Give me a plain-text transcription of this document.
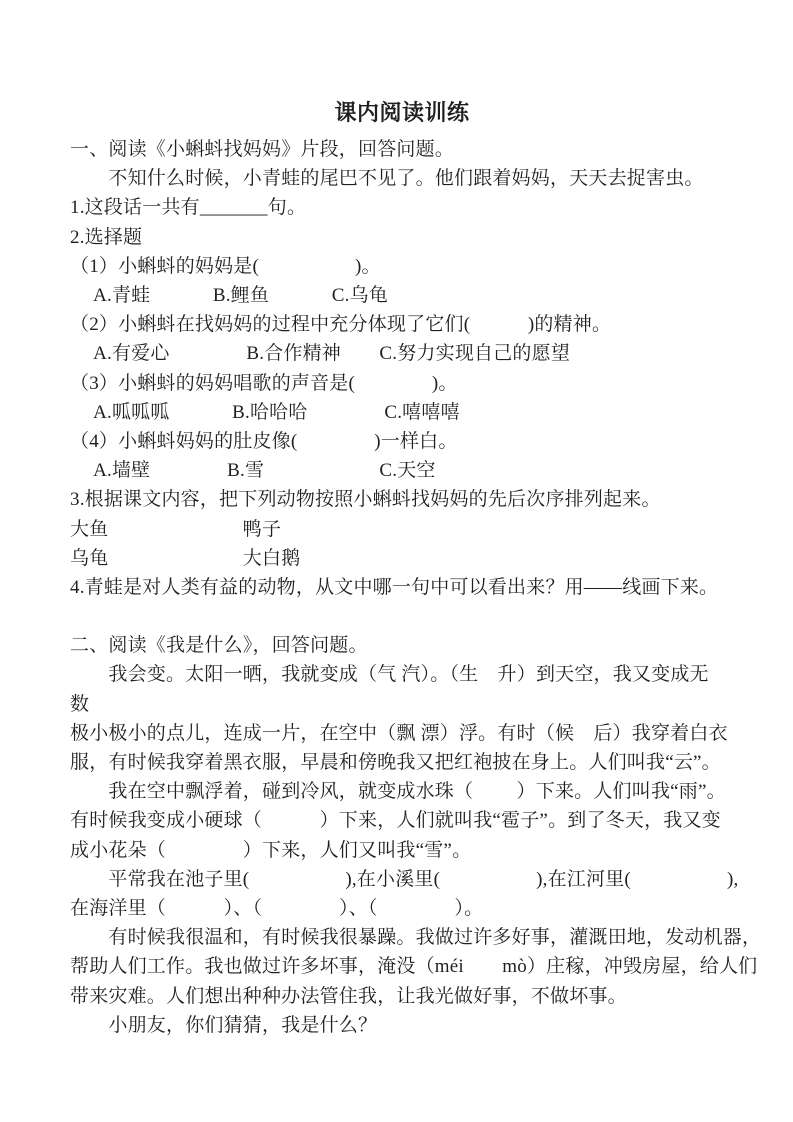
课内阅读训练

一、阅读《小蝌蚪找妈妈》片段，回答问题。

　　不知什么时候，小青蛙的尾巴不见了。他们跟着妈妈，天天去捉害虫。

1.这段话一共有_______句。

2.选择题

（1）小蝌蚪的妈妈是(　　　　　)。

　 A.青蛙　　　 B.鲤鱼　　　 C.乌龟

（2）小蝌蚪在找妈妈的过程中充分体现了它们(　　　)的精神。

　 A.有爱心　　　　B.合作精神　　C.努力实现自己的愿望

（3）小蝌蚪的妈妈唱歌的声音是(　　　　)。

　 A.呱呱呱　　　 B.哈哈哈　　　　C.嘻嘻嘻

（4）小蝌蚪妈妈的肚皮像(　　　　)一样白。

　 A.墙壁　　　　B.雪　　　　　　C.天空

3.根据课文内容，把下列动物按照小蝌蚪找妈妈的先后次序排列起来。

大鱼　　　　　　　鸭子

乌龟　　　　　　　大白鹅

4.青蛙是对人类有益的动物，从文中哪一句中可以看出来？用——线画下来。

二、阅读《我是什么》，回答问题。

　　我会变。太阳一晒，我就变成（气 汽）。（生　升）到天空，我又变成无

数

极小极小的点儿，连成一片，在空中（飘 漂）浮。有时（候　后）我穿着白衣

服，有时候我穿着黑衣服，早晨和傍晚我又把红袍披在身上。人们叫我“云”。

　　我在空中飘浮着，碰到冷风，就变成水珠（　　 ）下来。人们叫我“雨”。

有时候我变成小硬球（　　　）下来，人们就叫我“雹子”。到了冬天，我又变

成小花朵（　　　　）下来，人们又叫我“雪”。

　　平常我在池子里(　　　　　),在小溪里(　　　　　),在江河里(　　　　　),

在海洋里（　　　）、（　　　　）、（　　　　）。

　　有时候我很温和，有时候我很暴躁。我做过许多好事，灌溉田地，发动机器，

帮助人们工作。我也做过许多坏事，淹没（méi　　mò）庄稼，冲毁房屋，给人们

带来灾难。人们想出种种办法管住我，让我光做好事，不做坏事。

　　小朋友，你们猜猜，我是什么？
